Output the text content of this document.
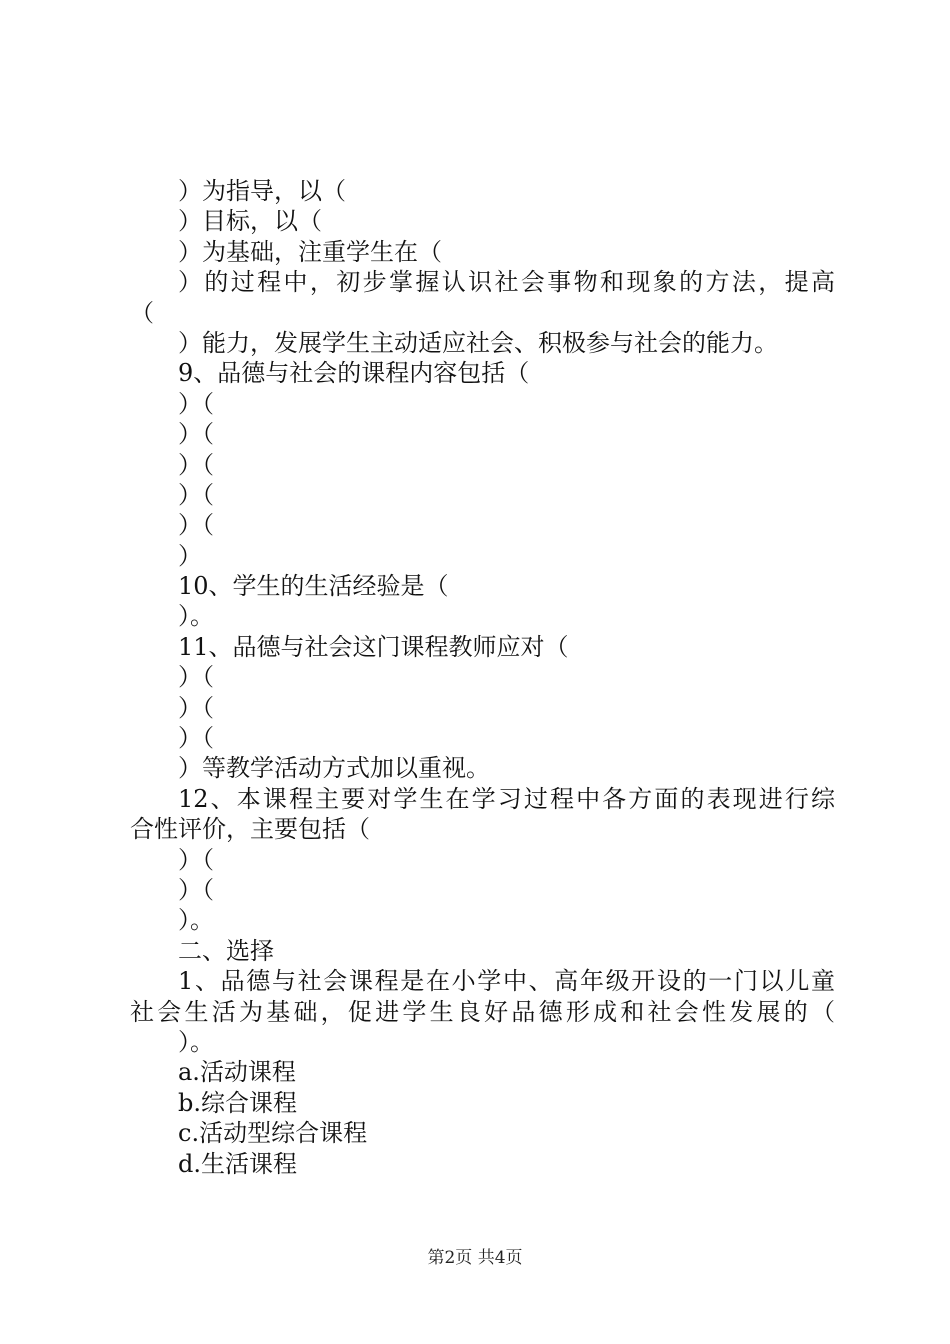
）为指导，以（
）目标，以（
）为基础，注重学生在（
）的过程中，初步掌握认识社会事物和现象的方法，提高
（
）能力，发展学生主动适应社会、积极参与社会的能力。
9、品德与社会的课程内容包括（
）（
）（
）（
）（
）（
）
10、学生的生活经验是（
）。
11、品德与社会这门课程教师应对（
）（
）（
）（
）等教学活动方式加以重视。
12、本课程主要对学生在学习过程中各方面的表现进行综
合性评价，主要包括（
）（
）（
）。
二、选择
1、品德与社会课程是在小学中、高年级开设的一门以儿童
社会生活为基础，促进学生良好品德形成和社会性发展的（
）。
a.活动课程
b.综合课程
c.活动型综合课程
d.生活课程
第2页 共4页
